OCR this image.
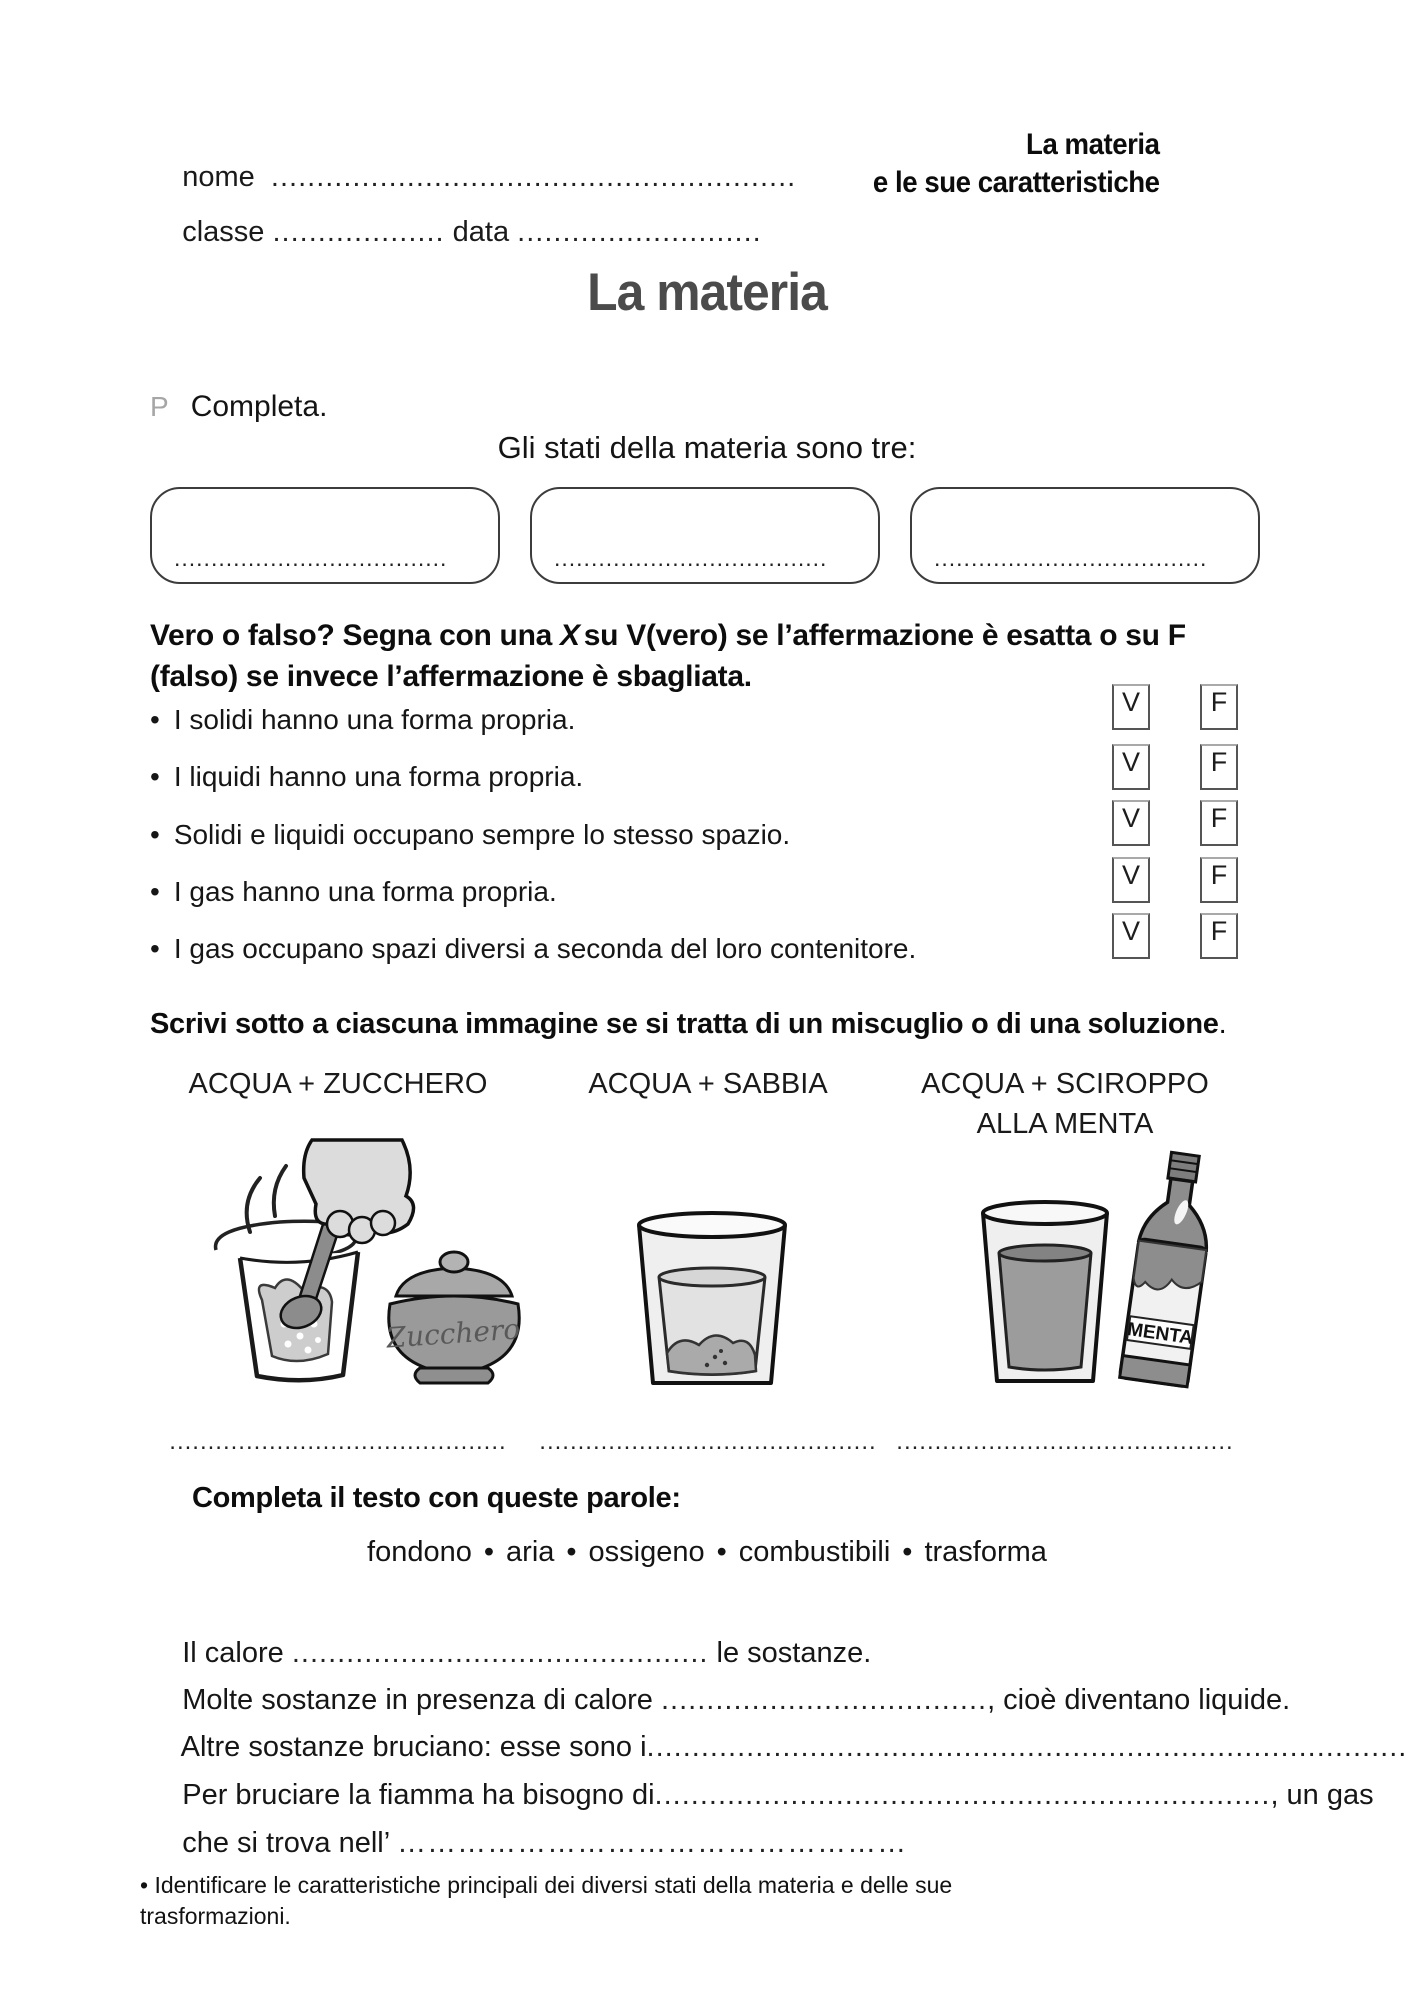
nome ..........................................................

classe ................... data ...........................

La materia
e le sue caratteristiche
La materia
P Completa.
Gli stati della materia sono tre:
.....................................	.....................................	.....................................
Vero o falso? Segna con una X su V(vero) se l’affermazione è esatta o su F (falso) se invece l’affermazione è sbagliata.
• I solidi hanno una forma propria.
• I liquidi hanno una forma propria.
• Solidi e liquidi occupano sempre lo stesso spazio.
• I gas hanno una forma propria.
• I gas occupano spazi diversi a seconda del loro contenitore.
V	F
V	F
V	F
V	F
V	F
Scrivi sotto a ciascuna immagine se si tratta di un miscuglio o di una soluzione.
ACQUA + ZUCCHERO	ACQUA + SABBIA	ACQUA + SCIROPPO
ALLA MENTA
Zucchero	MENTA
............................................	............................................ ............................................
Completa il testo con queste parole:
fondono • aria • ossigeno • combustibili • trasforma

Il calore .............................................. le sostanze.

Molte sostanze in presenza di calore ...................................., cioè diventano liquide.

Altre sostanze bruciano: esse sono i....................................................................................

Per bruciare la fiamma ha bisogno di...................................................................., un gas

che si trova nell’ ……………………………………………

• Identificare le caratteristiche principali dei diversi stati della materia e delle sue trasformazioni.
